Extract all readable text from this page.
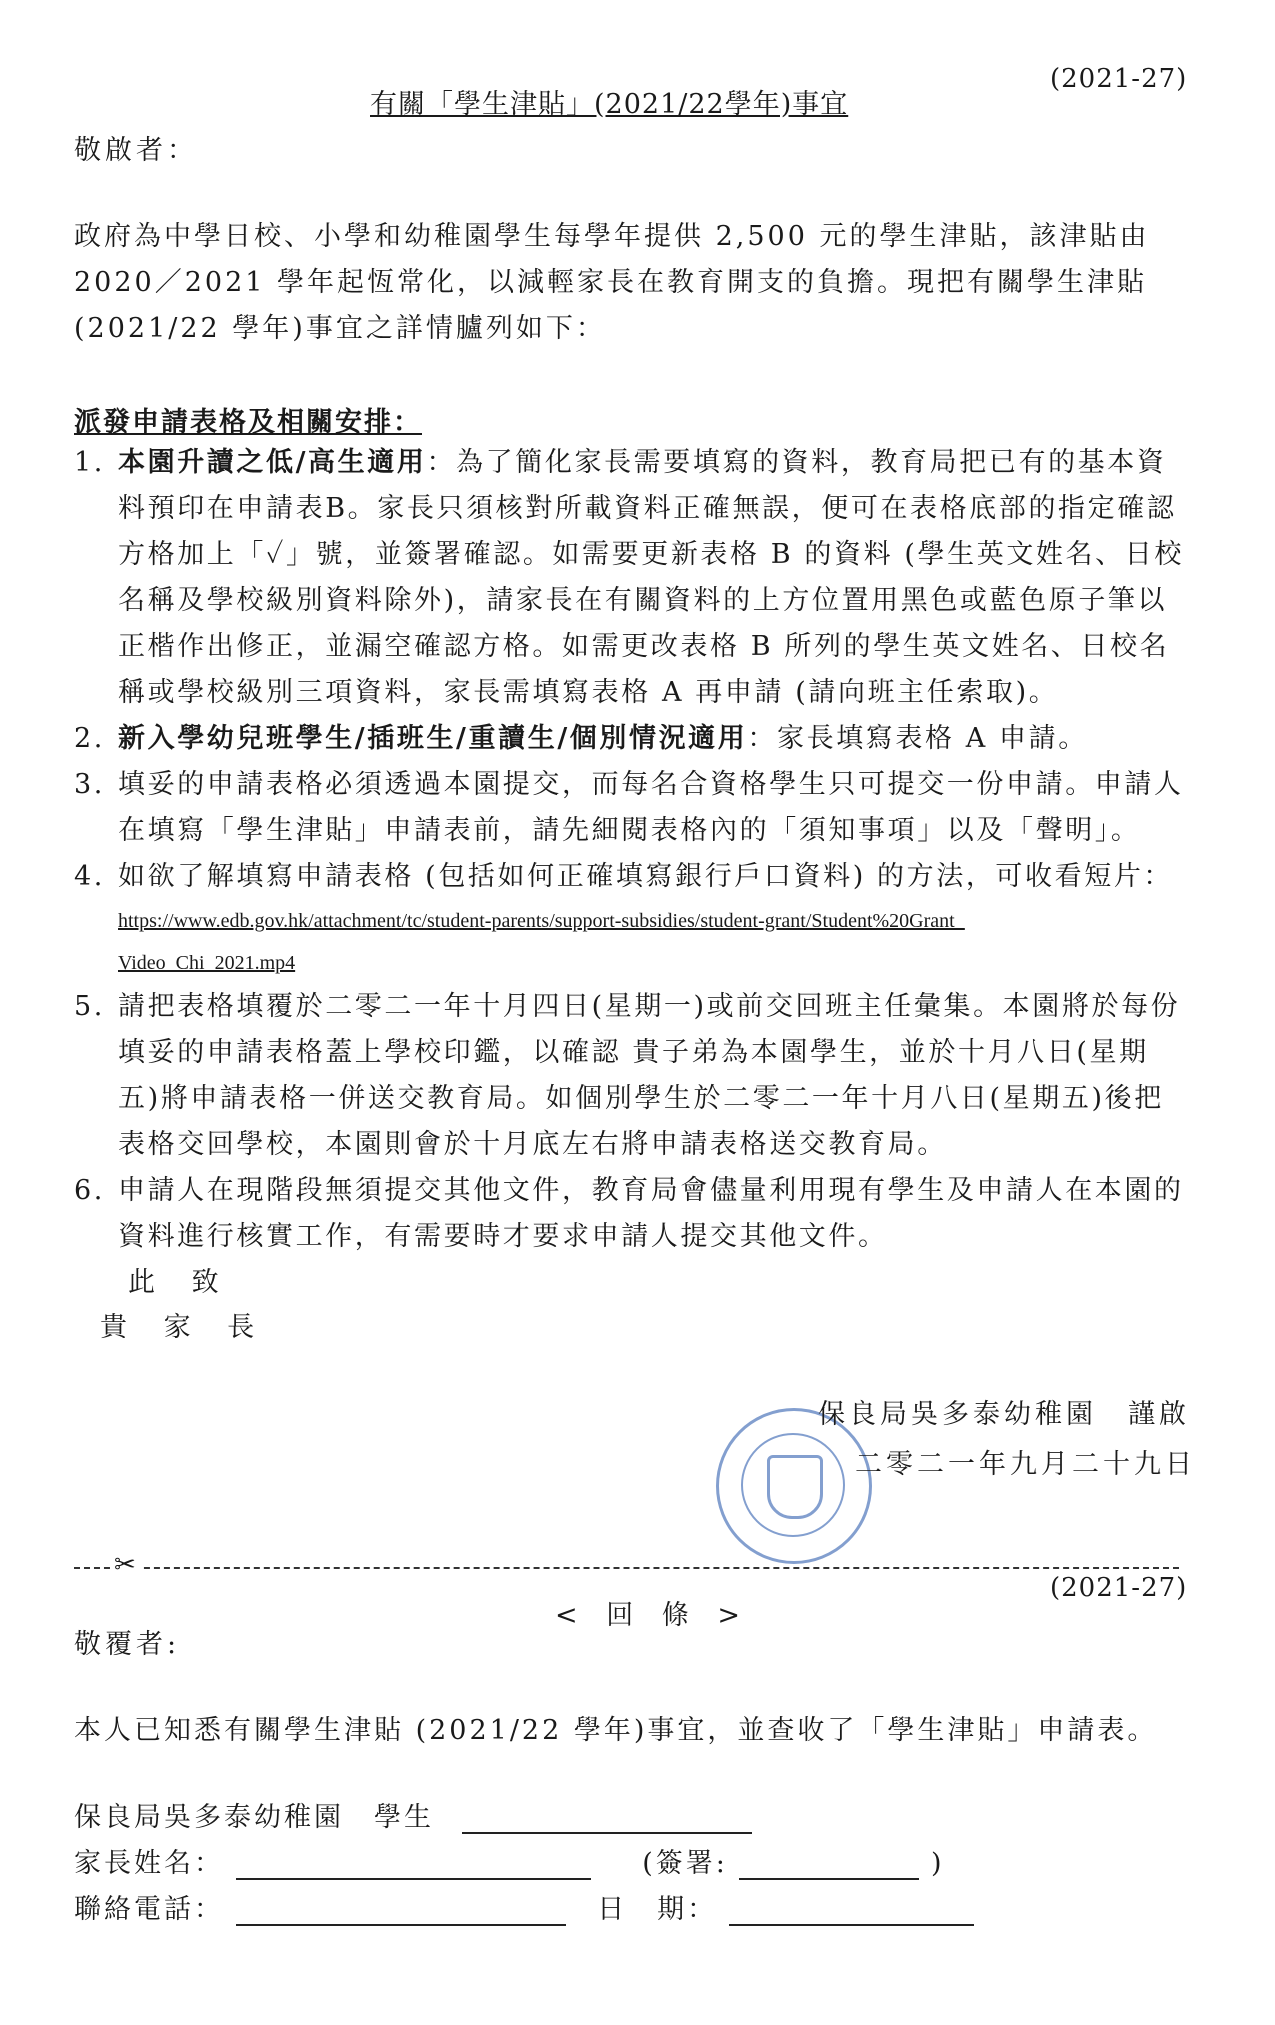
有關「學生津貼」(2021/22學年)事宜
(2021-27)
敬啟者：
政府為中學日校、小學和幼稚園學生每學年提供 2,500 元的學生津貼，該津貼由 2020／2021 學年起恆常化，以減輕家長在教育開支的負擔。現把有關學生津貼 (2021/22 學年)事宜之詳情臚列如下：
派發申請表格及相關安排：
1. 本園升讀之低/高生適用：為了簡化家長需要填寫的資料，教育局把已有的基本資料預印在申請表B。家長只須核對所載資料正確無誤，便可在表格底部的指定確認方格加上「✓」號，並簽署確認。如需要更新表格 B 的資料 (學生英文姓名、日校名稱及學校級別資料除外)，請家長在有關資料的上方位置用黑色或藍色原子筆以正楷作出修正，並漏空確認方格。如需更改表格 B 所列的學生英文姓名、日校名稱或學校級別三項資料，家長需填寫表格 A 再申請 (請向班主任索取)。
2. 新入學幼兒班學生/插班生/重讀生/個別情況適用：家長填寫表格 A 申請。
3. 填妥的申請表格必須透過本園提交，而每名合資格學生只可提交一份申請。申請人在填寫「學生津貼」申請表前，請先細閱表格內的「須知事項」以及「聲明」。
4. 如欲了解填寫申請表格 (包括如何正確填寫銀行戶口資料) 的方法，可收看短片：
https://www.edb.gov.hk/attachment/tc/student-parents/support-subsidies/student-grant/Student%20Grant_
Video_Chi_2021.mp4
5. 請把表格填覆於二零二一年十月四日(星期一)或前交回班主任彙集。本園將於每份填妥的申請表格蓋上學校印鑑，以確認 貴子弟為本園學生，並於十月八日(星期五)將申請表格一併送交教育局。如個別學生於二零二一年十月八日(星期五)後把表格交回學校，本園則會於十月底左右將申請表格送交教育局。
6. 申請人在現階段無須提交其他文件，教育局會儘量利用現有學生及申請人在本園的資料進行核實工作，有需要時才要求申請人提交其他文件。
此 致
貴 家 長
保良局吳多泰幼稚園　謹啟
二零二一年九月二十九日
✂
< 回 條 >
(2021-27)
敬覆者:
本人已知悉有關學生津貼 (2021/22 學年)事宜，並查收了「學生津貼」申請表。
保良局吳多泰幼稚園　學生
家長姓名：	(簽署:	)
聯絡電話：	日　期：
